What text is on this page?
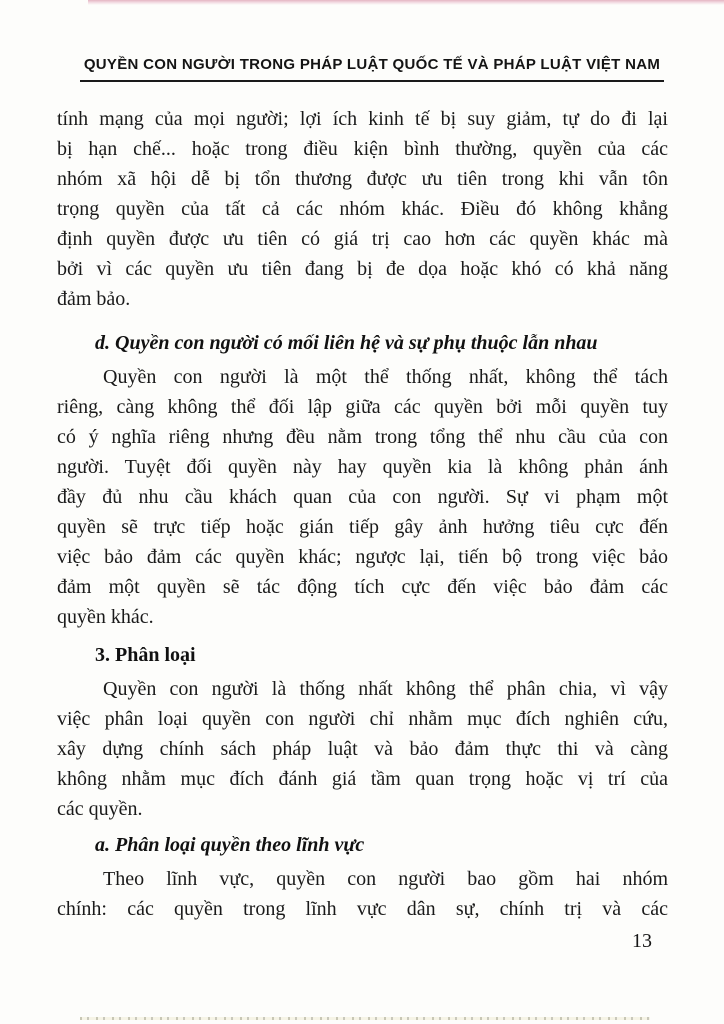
QUYỀN CON NGƯỜI TRONG PHÁP LUẬT QUỐC TẾ VÀ PHÁP LUẬT VIỆT NAM
tính mạng của mọi người; lợi ích kinh tế bị suy giảm, tự do đi lại
bị hạn chế... hoặc trong điều kiện bình thường, quyền của các
nhóm xã hội dễ bị tổn thương được ưu tiên trong khi vẫn tôn
trọng quyền của tất cả các nhóm khác. Điều đó không khẳng
định quyền được ưu tiên có giá trị cao hơn các quyền khác mà
bởi vì các quyền ưu tiên đang bị đe dọa hoặc khó có khả năng
đảm bảo.
d. Quyền con người có mối liên hệ và sự phụ thuộc lẫn nhau
Quyền con người là một thể thống nhất, không thể tách
riêng, càng không thể đối lập giữa các quyền bởi mỗi quyền tuy
có ý nghĩa riêng nhưng đều nằm trong tổng thể nhu cầu của con
người. Tuyệt đối quyền này hay quyền kia là không phản ánh
đầy đủ nhu cầu khách quan của con người. Sự vi phạm một
quyền sẽ trực tiếp hoặc gián tiếp gây ảnh hưởng tiêu cực đến
việc bảo đảm các quyền khác; ngược lại, tiến bộ trong việc bảo
đảm một quyền sẽ tác động tích cực đến việc bảo đảm các
quyền khác.
3. Phân loại
Quyền con người là thống nhất không thể phân chia, vì vậy
việc phân loại quyền con người chỉ nhằm mục đích nghiên cứu,
xây dựng chính sách pháp luật và bảo đảm thực thi và càng
không nhằm mục đích đánh giá tầm quan trọng hoặc vị trí của
các quyền.
a. Phân loại quyền theo lĩnh vực
Theo lĩnh vực, quyền con người bao gồm hai nhóm
chính: các quyền trong lĩnh vực dân sự, chính trị và các
13
